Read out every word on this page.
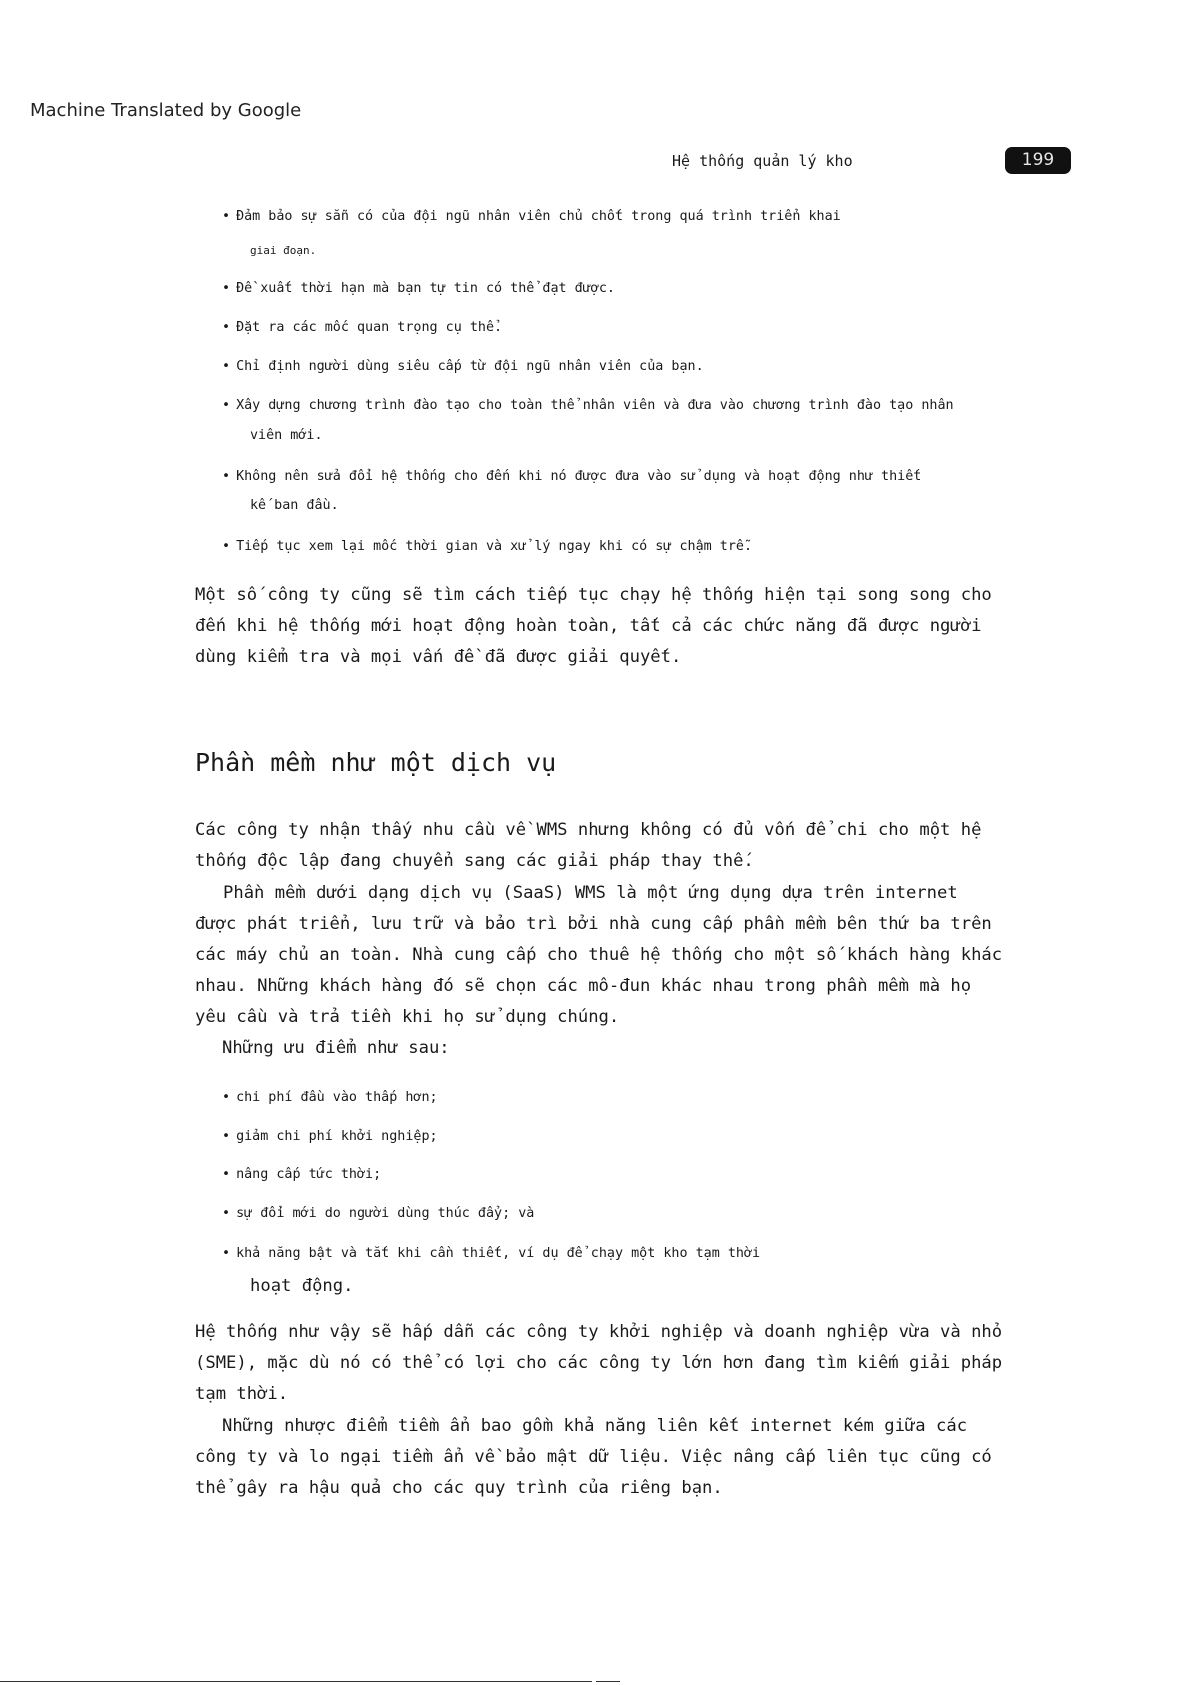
Machine Translated by Google
Hệ thống quản lý kho	199
• Đảm bảo sự sẵn có của đội ngũ nhân viên chủ chốt trong quá trình triển khai
giai đoạn.
• Đề xuất thời hạn mà bạn tự tin có thể đạt được.
• Đặt ra các mốc quan trọng cụ thể.
• Chỉ định người dùng siêu cấp từ đội ngũ nhân viên của bạn.
• Xây dựng chương trình đào tạo cho toàn thể nhân viên và đưa vào chương trình đào tạo nhân
viên mới.
• Không nên sửa đổi hệ thống cho đến khi nó được đưa vào sử dụng và hoạt động như thiết
kế ban đầu.
• Tiếp tục xem lại mốc thời gian và xử lý ngay khi có sự chậm trễ.
Một số công ty cũng sẽ tìm cách tiếp tục chạy hệ thống hiện tại song song cho
đến khi hệ thống mới hoạt động hoàn toàn, tất cả các chức năng đã được người
dùng kiểm tra và mọi vấn đề đã được giải quyết.
Phần mềm như một dịch vụ
Các công ty nhận thấy nhu cầu về WMS nhưng không có đủ vốn để chi cho một hệ
thống độc lập đang chuyển sang các giải pháp thay thế.
Phần mềm dưới dạng dịch vụ (SaaS) WMS là một ứng dụng dựa trên internet
được phát triển, lưu trữ và bảo trì bởi nhà cung cấp phần mềm bên thứ ba trên
các máy chủ an toàn. Nhà cung cấp cho thuê hệ thống cho một số khách hàng khác
nhau. Những khách hàng đó sẽ chọn các mô-đun khác nhau trong phần mềm mà họ
yêu cầu và trả tiền khi họ sử dụng chúng.
Những ưu điểm như sau:
• chi phí đầu vào thấp hơn;
• giảm chi phí khởi nghiệp;
• nâng cấp tức thời;
• sự đổi mới do người dùng thúc đẩy; và
• khả năng bật và tắt khi cần thiết, ví dụ để chạy một kho tạm thời
hoạt động.
Hệ thống như vậy sẽ hấp dẫn các công ty khởi nghiệp và doanh nghiệp vừa và nhỏ
(SME), mặc dù nó có thể có lợi cho các công ty lớn hơn đang tìm kiếm giải pháp
tạm thời.
Những nhược điểm tiềm ẩn bao gồm khả năng liên kết internet kém giữa các
công ty và lo ngại tiềm ẩn về bảo mật dữ liệu. Việc nâng cấp liên tục cũng có
thể gây ra hậu quả cho các quy trình của riêng bạn.
